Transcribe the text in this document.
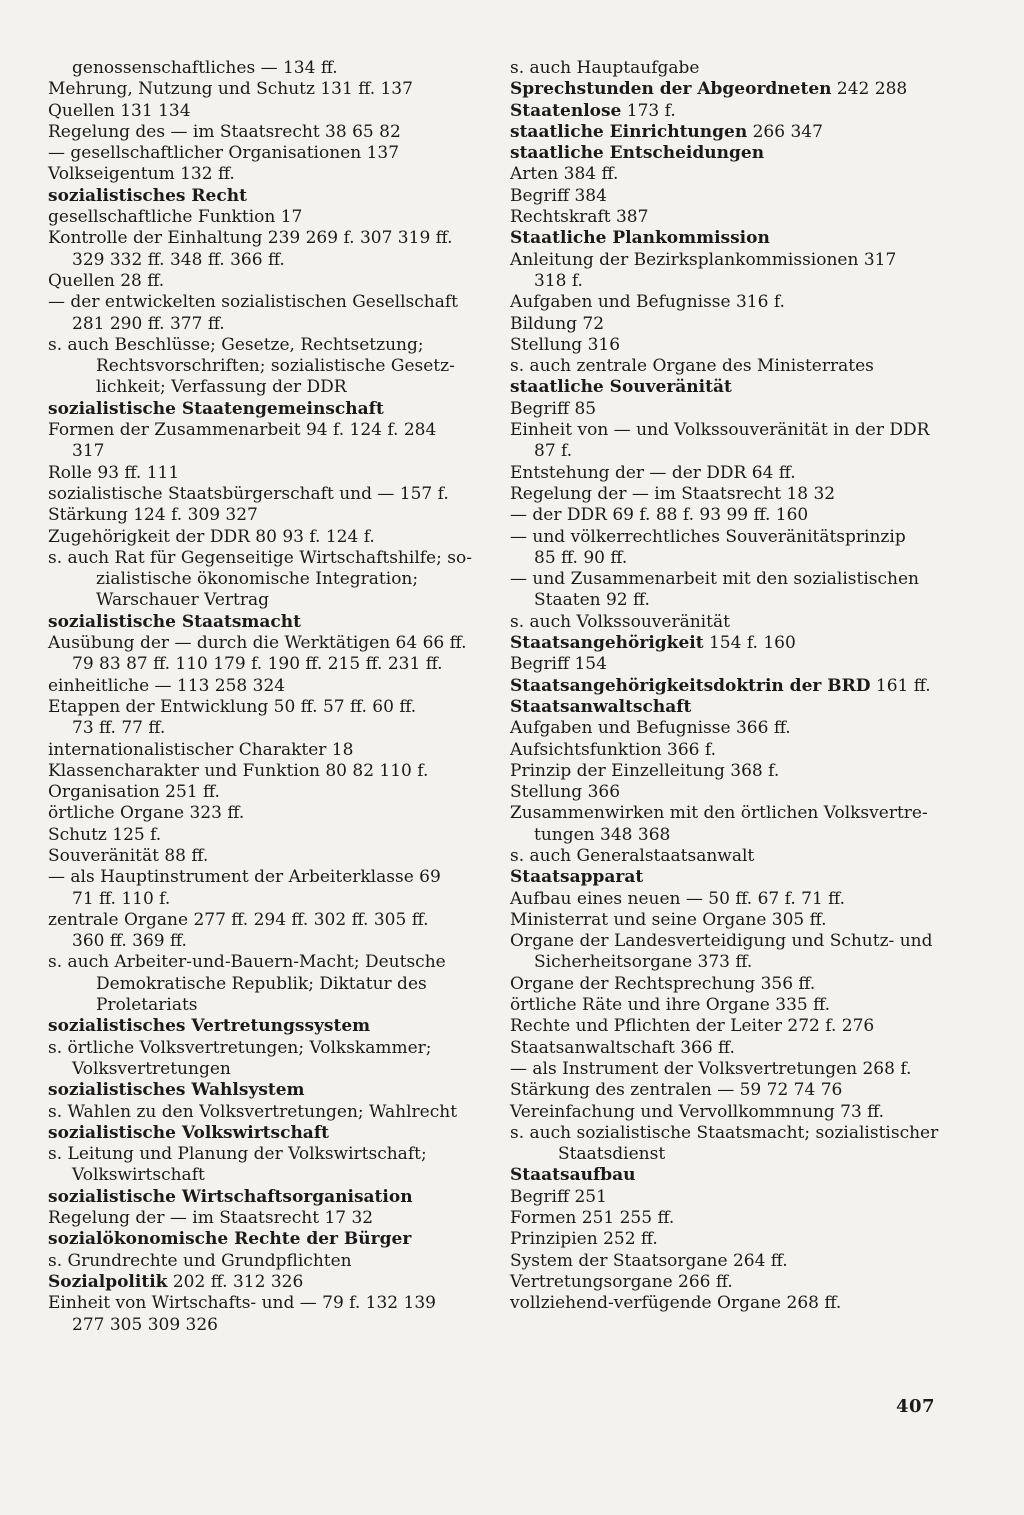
genossenschaftliches — 134 ff.
Mehrung, Nutzung und Schutz 131 ff. 137
Quellen 131 134
Regelung des — im Staatsrecht 38 65 82
— gesellschaftlicher Organisationen 137
Volkseigentum 132 ff.
sozialistisches Recht
gesellschaftliche Funktion 17
Kontrolle der Einhaltung 239 269 f. 307 319 ff.
329 332 ff. 348 ff. 366 ff.
Quellen 28 ff.
— der entwickelten sozialistischen Gesellschaft
281 290 ff. 377 ff.
s. auch Beschlüsse; Gesetze, Rechtsetzung;
Rechtsvorschriften; sozialistische Gesetz-
lichkeit; Verfassung der DDR
sozialistische Staatengemeinschaft
Formen der Zusammenarbeit 94 f. 124 f. 284
317
Rolle 93 ff. 111
sozialistische Staatsbürgerschaft und — 157 f.
Stärkung 124 f. 309 327
Zugehörigkeit der DDR 80 93 f. 124 f.
s. auch Rat für Gegenseitige Wirtschaftshilfe; so-
zialistische ökonomische Integration;
Warschauer Vertrag
sozialistische Staatsmacht
Ausübung der — durch die Werktätigen 64 66 ff.
79 83 87 ff. 110 179 f. 190 ff. 215 ff. 231 ff.
einheitliche — 113 258 324
Etappen der Entwicklung 50 ff. 57 ff. 60 ff.
73 ff. 77 ff.
internationalistischer Charakter 18
Klassencharakter und Funktion 80 82 110 f.
Organisation 251 ff.
örtliche Organe 323 ff.
Schutz 125 f.
Souveränität 88 ff.
— als Hauptinstrument der Arbeiterklasse 69
71 ff. 110 f.
zentrale Organe 277 ff. 294 ff. 302 ff. 305 ff.
360 ff. 369 ff.
s. auch Arbeiter-und-Bauern-Macht; Deutsche
Demokratische Republik; Diktatur des
Proletariats
sozialistisches Vertretungssystem
s. örtliche Volksvertretungen; Volkskammer;
Volksvertretungen
sozialistisches Wahlsystem
s. Wahlen zu den Volksvertretungen; Wahlrecht
sozialistische Volkswirtschaft
s. Leitung und Planung der Volkswirtschaft;
Volkswirtschaft
sozialistische Wirtschaftsorganisation
Regelung der — im Staatsrecht 17 32
sozialökonomische Rechte der Bürger
s. Grundrechte und Grundpflichten
Sozialpolitik 202 ff. 312 326
Einheit von Wirtschafts- und — 79 f. 132 139
277 305 309 326
s. auch Hauptaufgabe
Sprechstunden der Abgeordneten 242 288
Staatenlose 173 f.
staatliche Einrichtungen 266 347
staatliche Entscheidungen
Arten 384 ff.
Begriff 384
Rechtskraft 387
Staatliche Plankommission
Anleitung der Bezirksplankommissionen 317
318 f.
Aufgaben und Befugnisse 316 f.
Bildung 72
Stellung 316
s. auch zentrale Organe des Ministerrates
staatliche Souveränität
Begriff 85
Einheit von — und Volkssouveränität in der DDR
87 f.
Entstehung der — der DDR 64 ff.
Regelung der — im Staatsrecht 18 32
— der DDR 69 f. 88 f. 93 99 ff. 160
— und völkerrechtliches Souveränitätsprinzip
85 ff. 90 ff.
— und Zusammenarbeit mit den sozialistischen
Staaten 92 ff.
s. auch Volkssouveränität
Staatsangehörigkeit 154 f. 160
Begriff 154
Staatsangehörigkeitsdoktrin der BRD 161 ff.
Staatsanwaltschaft
Aufgaben und Befugnisse 366 ff.
Aufsichtsfunktion 366 f.
Prinzip der Einzelleitung 368 f.
Stellung 366
Zusammenwirken mit den örtlichen Volksvertre-
tungen 348 368
s. auch Generalstaatsanwalt
Staatsapparat
Aufbau eines neuen — 50 ff. 67 f. 71 ff.
Ministerrat und seine Organe 305 ff.
Organe der Landesverteidigung und Schutz- und
Sicherheitsorgane 373 ff.
Organe der Rechtsprechung 356 ff.
örtliche Räte und ihre Organe 335 ff.
Rechte und Pflichten der Leiter 272 f. 276
Staatsanwaltschaft 366 ff.
— als Instrument der Volksvertretungen 268 f.
Stärkung des zentralen — 59 72 74 76
Vereinfachung und Vervollkommnung 73 ff.
s. auch sozialistische Staatsmacht; sozialistischer
Staatsdienst
Staatsaufbau
Begriff 251
Formen 251 255 ff.
Prinzipien 252 ff.
System der Staatsorgane 264 ff.
Vertretungsorgane 266 ff.
vollziehend-verfügende Organe 268 ff.
407
